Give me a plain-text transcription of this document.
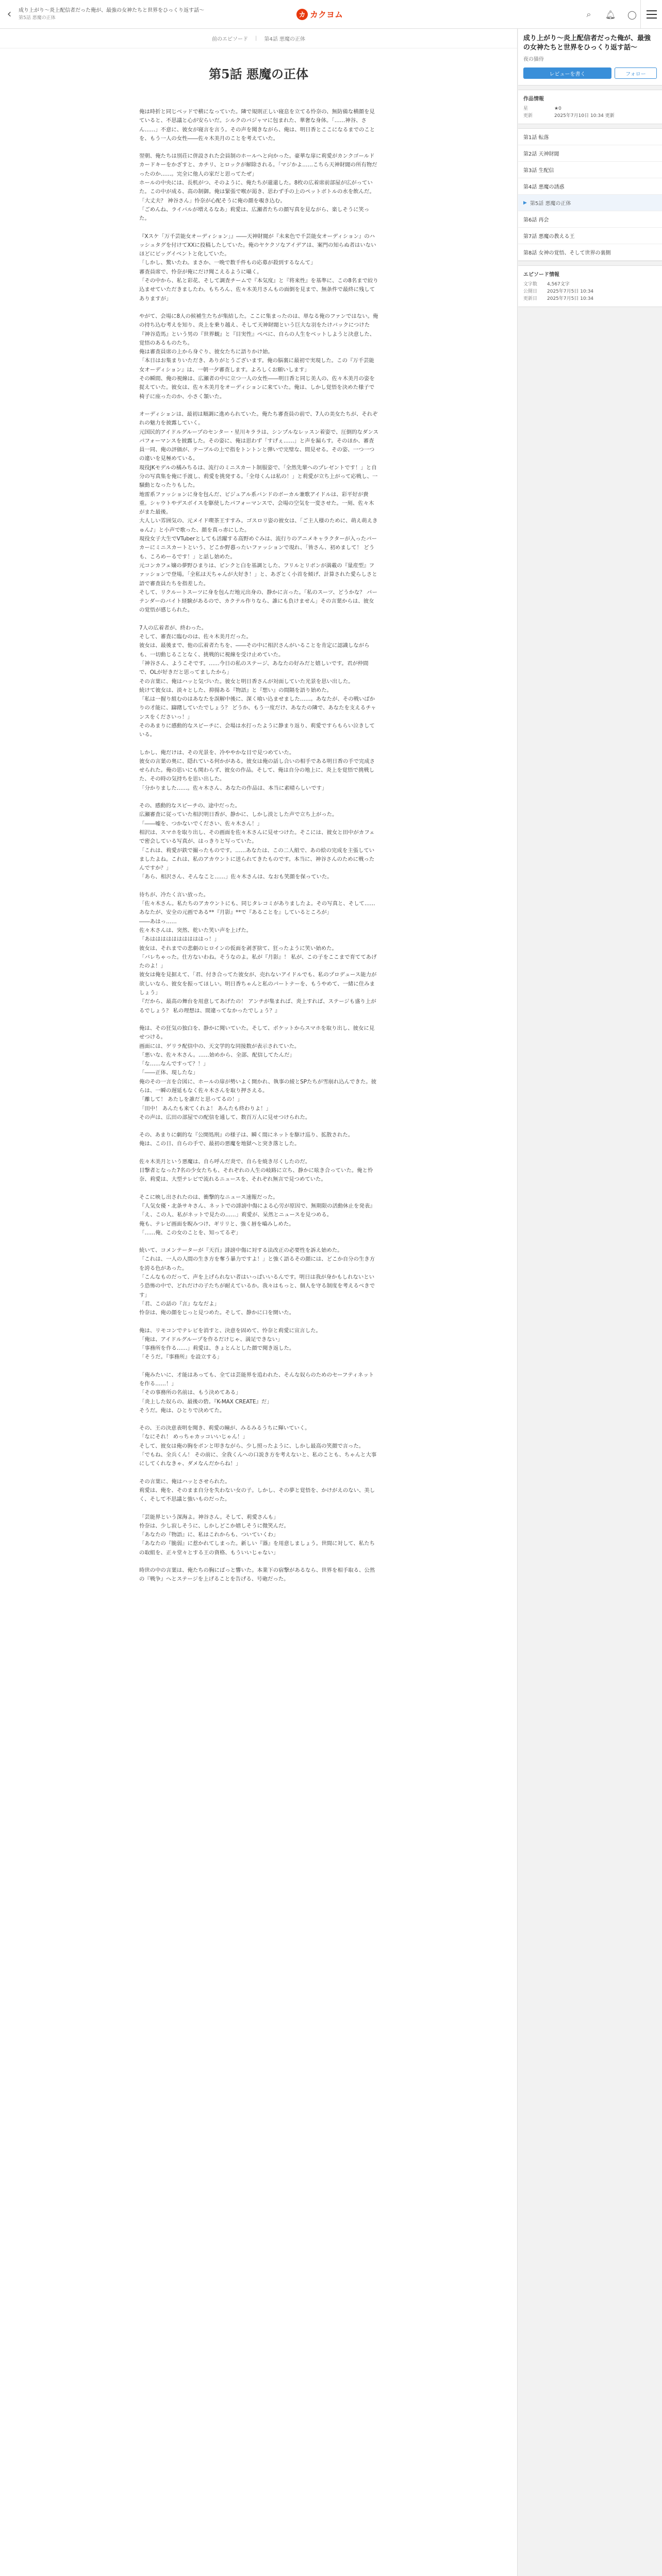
‹	成り上がり〜炎上配信者だった俺が、最強の女神たちと世界をひっくり返す話〜
第5話 悪魔の正体	カ カクヨム	⌕	🔔︎	◯
前のエピソード | 第4話 悪魔の正体
第5話 悪魔の正体

俺は時折と同じベッドで横になっていた。隣で規則正しい寝息を立てる怜奈の、無防備な横顔を見ていると、不思議と心が安らいだ。シルクのパジャマに包まれた、華奢な身体。「……神谷、さん……」不意に、彼女が寝言を言う。その声を聞きながら、俺は、明日香とここになるまでのことを、もう一人の女性――佐々木美月のことを考えていた。

翌朝、俺たちは別荘に併設された会員制のホールへと向かった。豪華な扉に莉愛がカンクゴールドカードキーをかざすと、カチリ、とロックが解除される。「マジかよ……こちら天神財閥の所有物だったのか……。完全に他人の家だと思ってたぜ」
ホールの中央には、長机がつ、そのように、俺たちが還還した。8枚の広着席前部屋が広がっていた。この中が成る、高の制御。俺は緊張で喉が渇き、思わず手の上のペットボトルの水を飲んだ。
「大丈夫？ 神谷さん」怜奈が心配そうに俺の顔を覗き込む。
「ごめんね、ライバルが増えるなあ」莉愛は、広瀬者たちの顔写真を見ながら、楽しそうに笑った。

『Xスケ「万千芸能女オーディション」』――天神財閥が『未来色で千芸能女オーディション』のハッシュタグを付けてXXに投稿したしていた。俺のヤケクソなアイデアは、案門の知らぬ者はいないほどにビッグイベントと化していた。
「しかし、驚いたわ。まさか、一晩で数千件もの応募が殺到するなんて」
審査員席で、怜奈が俺にだけ聞こえるように囁く。
「その中から、私と彩花、そして調査チームで『本気度』と『将来性』を基準に、この8名まで絞り込ませていただきましたわ。もちろん、佐々木美月さんもの面倒を見まで、無条件で最終に残してありますが」

やがて、会場に8人の候補生たちが集結した。ここに集まったのは、単なる俺のファンではない。俺の持ち込む考えを知り、炎上を乗り越え、そして天神財閥という巨大な羽をたけバックにつけた『神谷造馬』という男の『世界観』と『目実性』ベベに、自らの人生をベットしようと決意した、覚悟のあるものたち。
俺は審査員席の上から身ぐり、彼女たちに語りかけ始。
「本日はお集まりいただき、ありがとうございます。俺の脳裏に最初で実現した。この『万千芸能女オーディション』は、一朝一夕審査します。よろしくお願いします」
その瞬間、俺の視線は、広瀬者の中に立つ一人の女性――明日香と同じ美人の、佐々木美月の姿を捉えていた。彼女は、佐々木美月をオーディションに来ていた。俺は、しかし覚悟を決めた様子で椅子に座ったのか、小さく頷いた。

オーディションは、最初は順調に進められていた。俺たち審査員の前で、7人の美女たちが、それぞれの魅力を披露していく。
元国民的アイドルグループのセンター・星川キララは、シンプルなレッスン着姿で、圧倒的なダンスパフォーマンスを披露した。その姿に、俺は思わず「すげぇ……」と声を漏らす。そのほか、審査員一同、俺の評価が、テーブルの上で指をトントンと弾いで完璧な、間見せる。その姿、一つ一つの違いを見極めている。
現役JKモデルの橘みちるは、流行のミニスカート制服姿で、「全然先輩へのプレゼントです！」と自分の写真集を俺に手渡し、莉愛を挑発する。「全母くんは私の！」と莉愛が立ち上がって応戦し、一騒動となったりもした。
地雷系ファッションに身を包んだ、ビジュアル系バンドのボーカル兼歌アイドルは、彩平好が貴重。シャウトやデスボイスを駆使したパフォーマンスで、会場の空気を一変させた。一刻、佐々木がまた最後。
大人しい雰囲気の、元メイド喫茶王すすみ。ゴスロリ姿の彼女は、「ご主人様のために、萌え萌えきゅん♪」と小声で歌った、顔を真っ赤にした。
現役女子大生でVTuberとしても活躍する高野めぐみは、流行りのアニメキャラクターが入ったパーカーにミニスカートという、どこか野暮ったいファッションで現れ、「皆さん、初めまして！ どうも、ころめーるです！」と話し始めた。
元コンカフェ嬢の夢野ひまりは、ピンクと白を基調とした、フリルとリボンが満載の『量産型』ファッションで登場。「全私は天ちゃんが大好き！」と、あざとく小首を傾げ、計算された愛らしさと語で審査員たちを指差した。
そして、リクルートスーツに身を包んだ地元出身の、静かに言った。「私のスーツ、どうかな？ パーテンダーのバイト経験があるので、カクテル作りなら、誰にも負けません」その言葉からは、彼女の覚悟が感じられた。

7人の広着者が、終わった。
そして、審査に臨むのは、佐々木美月だった。
彼女は、最後まで、他の広着者たちを、――その中に相沢さんがいることを肯定に認識しながらも、一切動じることなく、挑戦的に視線を受け止めていた。
「神谷さん、ようこそです。……今日の私のステージ、あなたの好みだと嬉しいです。君が仲間で、OLが好きだと思ってましたから」
その言葉に、俺はハッと気づいた。彼女と明日香さんが対面していた光景を思い出した。
続けて彼女は、淡々とした、抑揚ある『物語』と『想い』の間隔を語り始めた。
「私は一握り組むのはあなたを誤解中後に、深く喰い込ませました……。あなたが、その戦いばかりの才能に、躊躇していたでしょう？ どうか、もう一度だけ、あなたの隣で、あなたを支えるチャンスをくださいっ！」
そのあまりに感動的なスピーチに、会場は水打ったように静まり返り、莉愛ですらもらい泣きしている。

しかし、俺だけは、その光景を、冷ややかな目で見つめていた。
彼女の言葉の奥に、隠れている何かがある。彼女は俺の話し合いの相手である明日香の手で完成させられた。俺の思いにも関わらず、彼女の作品。そして、俺は自分の地上に、炎上を覚悟で挑戦した、その時の気持ちを思い出した。
「分かりました……。佐々木さん、あなたの作品は、本当に素晴らしいです」

その、感動的なスピーチの、途中だった。
広瀬審査に従っていた相沢明日香が、静かに、しかし淡とした声で立ち上がった。
「――嘘を、つかないでください、佐々木さん！」
相沢は、スマホを取り出し、その画面を佐々木さんに見せつけた。そこには、彼女と田中がカフェで密会している写真が、はっきりと写っていた。
「これは、莉愛が鉄で撮ったものです。……あなたは、この二人組で、あの絵の完成を主張していましたよね。これは、私のアカウントに送られてきたものです。本当に、神谷さんのために戦ったんですか？」
「あら、相沢さん、そんなこと……」佐々木さんは、なおも笑顔を保っていた。

待ちが、冷たく言い放った。
「佐々木さん。私たちのアカウントにも、同じタレコミがありましたよ。その写真と、そして……あなたが、安全の元画である**『月影』**で『あることを』しているところが」
――あはっ……
佐々木さんは、突然、乾いた笑い声を上げた。
「あははははははははははっ！」
彼女は、それまでの悲劇のヒロインの仮面を剥ぎ捨て、狂ったように笑い始めた。
「バレちゃった。仕方ないわね。そうなのよ。私が『月影』！ 私が、この子をここまで育ててあげたのよ！」
彼女は俺を見据えて、「君、付き合ってた彼女が、売れないアイドルでも、私のプロデュース能力が欲しいなら、彼女を振ってほしい。明日香ちゃんと私のパートナーを、もうやめて、一緒に住みましょう」
『だから、最高の舞台を用意してあげたの！ アンチが集まれば、炎上すれば、ステージも盛り上がるでしょう？ 私の理想は、間違ってなかったでしょう？』

俺は、その狂気の独白を、静かに聞いていた。そして、ポケットからスマホを取り出し、彼女に見せつける。
画面には、ゲリラ配信中の、天文学的な同接数が表示されていた。
「悪いな、佐々木さん。……始めから、全部、配信してたんだ」
「な……なんですって？！」
「――正体、現したな」
俺のその一言を合図に、ホールの扉が勢いよく開かれ、執事の綾とSPたちが雪崩れ込んできた。彼らは、一瞬の遅延もなく佐々木さんを取り押さえる。
「離して！ あたしを誰だと思ってるの！」
「田中！ あんたも来てくれよ！ あんたも終わりよ！」
その声は、広田の部屋での配信を通して、数百万人に見せつけられた。

その、あまりに劇的な『公開処刑』の様子は、瞬く間にネットを駆け巡り、拡散された。
俺は、この日、自らの手で、最初の悪魔を地獄へと突き落とした。

佐々木美月という悪魔は、自ら呼んだ炎で、自らを焼き尽くしたのだ。
目撃者となった7名の少女たちも、それぞれの人生の岐路に立ち、静かに呟き合っていた。俺と怜奈、莉愛は、大型テレビで流れるニュースを、それぞれ無言で見つめていた。

そこに映し出されたのは、衝撃的なニュース速報だった。
『人気女優・北条サキさん、ネットでの誹謗中傷による心労が原因で、無期限の活動休止を発表』
「え、この人、私がネットで見たの……」莉愛が、呆然とニュースを見つめる。
俺も、テレビ画面を睨みつけ、ギリリと、強く唇を嚙みしめた。
「……俺、この女のことを、知ってるぞ」

続いて、コメンテーターが『天百』誹謗中傷に対する法改正の必要性を訴え始めた。
「これは、一人の人間の生き方を奪う暴力ですよ！」と強く語るその顔には、どこか自分の生き方を誇る色があった。
「こんなものだって、声を上げられない者はいっぱいいるんです。明日は我が身かもしれないという恐怖の中で、どれだけの子たちが耐えているか。我々はもっと、個人を守る制度を考えるべきです」
「君、この話の『言』ななだよ」
怜奈は、俺の顔をじっと見つめた。そして、静かに口を開いた。

俺は、リモコンでテレビを消すと、決意を固めて、怜奈と莉愛に宣言した。
「俺は、アイドルグループを作るだけじゃ、満足できない」
「事務所を作る……」莉愛は、きょとんとした顔で聞き返した。
「そうだ。『事務所』を設立する」

「俺みたいに、才能はあっても、全ては芸能界を追われた、そんな奴らのためのセーフティネットを作る……！」
「その事務所の名前は、もう決めてある」
「炎上した奴らの、最後の砦。『K-MAX CREATE』だ」
そうだ。俺は、ひとりで決めてた。

その、王の決意表明を聞き、莉愛の瞳が、みるみるうちに輝いていく。
「なにそれ！ めっちゃカッコいいじゃん！」
そして、彼女は俺の胸をポンと叩きながら、少し照ったように、しかし最高の笑顔で言った。
「でもね、全兵くん！ その前に、全我くんへの口説き方を考えないと、私のことも、ちゃんと大事にしてくれなきゃ、ダメなんだからね！」

その言葉に、俺はハッとさせられた。
莉愛は、俺を、そのまま自分を失わない女の子。しかし、その夢と覚悟を、かけがえのない、美しく、そして不思議と強いものだった。

「芸能界という深海よ。神谷さん。そして、莉愛さんも」
怜奈は、少し寂しそうに、しかしどこか嬉しそうに微笑んだ。
「あなたの『物語』に、私はこれからも、ついていくわ」
「あなたの『脆弱』に惹かれてしまった。新しい『器』を用意しましょう。世間に対して、私たちの取組を、正々堂々とする王の資格、もういいじゃない」

時世の中の言葉は、俺たちの胸にばっと響いた。本業下の宿撃があるなら、世界を相手取る、公然の『戦争』へとステージを上げることを告げる、号砲だった。

成り上がり〜炎上配信者だった俺が、最強の女神たちと世界をひっくり返す話〜
夜の猫侍
レビューを書く	フォロー
作品情報
星	★0
更新	2025年7月10日 10:34 更新
第1話 転落
第2話 天神財閥
第3話 生配信
第4話 悪魔の誘惑
▶ 第5話 悪魔の正体
第6話 再会
第7話 悪魔の教える王
第8話 女神の覚悟、そして世界の裏側
エピソード情報
文字数	4,567文字
公開日	2025年7月5日 10:34
更新日	2025年7月5日 10:34
